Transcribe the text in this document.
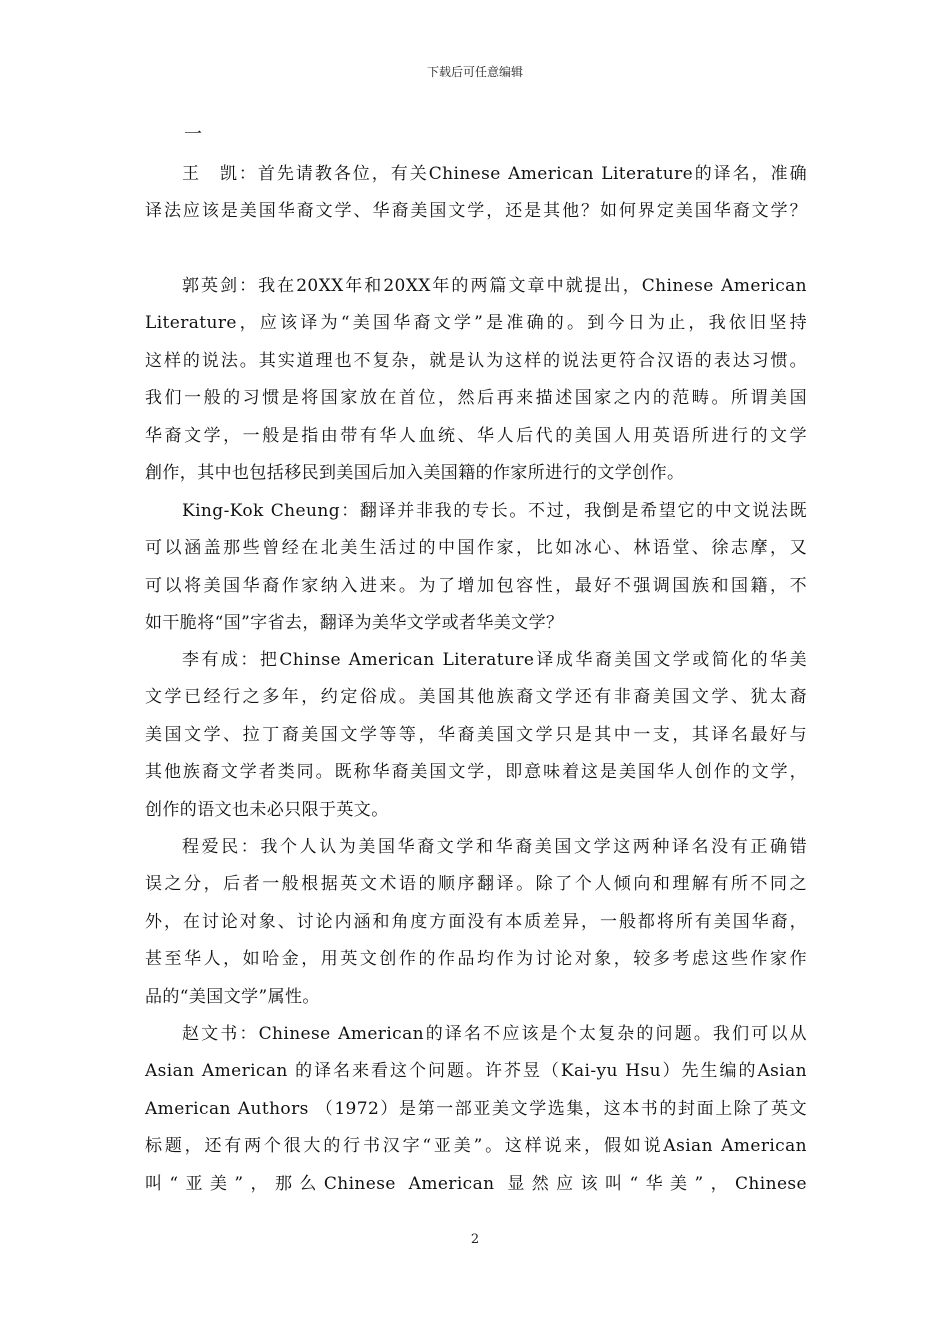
下载后可任意编辑
一
王　凯：首先请教各位，有关Chinese American Literature的译名，准确
译法应该是美国华裔文学、华裔美国文学，还是其他？如何界定美国华裔文学？
郭英剑：我在20XX年和20XX年的两篇文章中就提出，Chinese American
Literature，应该译为“美国华裔文学”是准确的。到今日为止，我依旧坚持
这样的说法。其实道理也不复杂，就是认为这样的说法更符合汉语的表达习惯。
我们一般的习惯是将国家放在首位，然后再来描述国家之内的范畴。所谓美国
华裔文学，一般是指由带有华人血统、华人后代的美国人用英语所进行的文学
創作，其中也包括移民到美国后加入美国籍的作家所进行的文学创作。
King-Kok Cheung：翻译并非我的专长。不过，我倒是希望它的中文说法既
可以涵盖那些曾经在北美生活过的中国作家，比如冰心、林语堂、徐志摩，又
可以将美国华裔作家纳入进来。为了增加包容性，最好不强调国族和国籍，不
如干脆将“国”字省去，翻译为美华文学或者华美文学？
李有成：把Chinse American Literature译成华裔美国文学或简化的华美
文学已经行之多年，约定俗成。美国其他族裔文学还有非裔美国文学、犹太裔
美国文学、拉丁裔美国文学等等，华裔美国文学只是其中一支，其译名最好与
其他族裔文学者类同。既称华裔美国文学，即意味着这是美国华人创作的文学，
创作的语文也未必只限于英文。
程爱民：我个人认为美国华裔文学和华裔美国文学这两种译名没有正确错
误之分，后者一般根据英文术语的顺序翻译。除了个人倾向和理解有所不同之
外，在讨论对象、讨论内涵和角度方面没有本质差异，一般都将所有美国华裔，
甚至华人，如哈金，用英文创作的作品均作为讨论对象，较多考虑这些作家作
品的“美国文学”属性。
赵文书：Chinese American的译名不应该是个太复杂的问题。我们可以从
Asian American 的译名来看这个问题。许芥昱（Kai-yu Hsu）先生编的Asian
American Authors （1972）是第一部亚美文学选集，这本书的封面上除了英文
标题，还有两个很大的行书汉字“亚美”。这样说来，假如说Asian American
叫“亚美”，那么Chinese American 显然应该叫“华美”，Chinese
2
